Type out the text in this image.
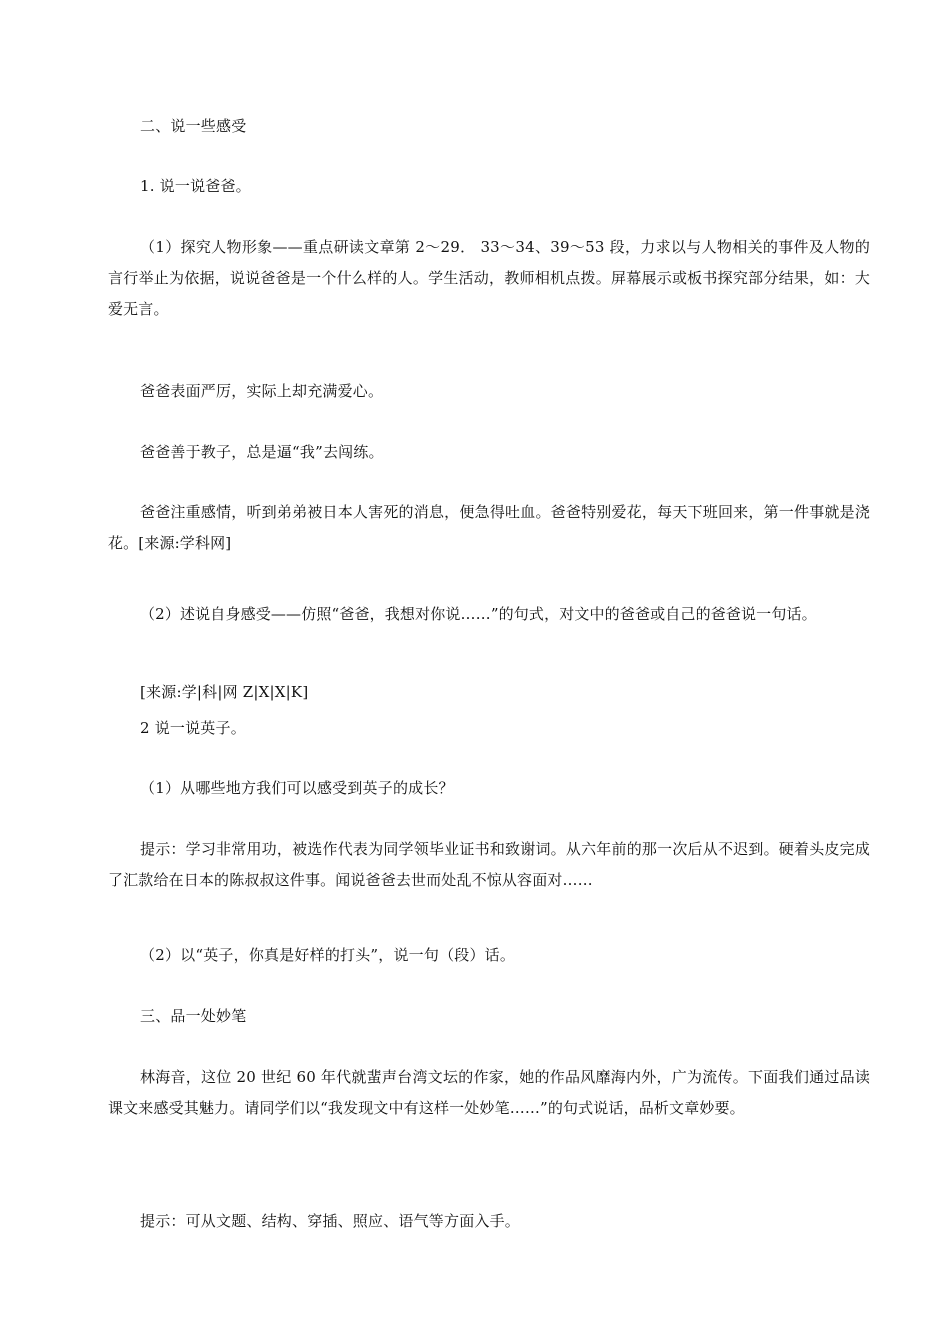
二、说一些感受
1. 说一说爸爸。
（1）探究人物形象——重点研读文章第 2～29． 33～34、39～53 段，力求以与人物相关的事件及人物的言行举止为依据，说说爸爸是一个什么样的人。学生活动，教师相机点拨。屏幕展示或板书探究部分结果，如：大爱无言。
爸爸表面严厉，实际上却充满爱心。
爸爸善于教子，总是逼“我”去闯练。
爸爸注重感情，听到弟弟被日本人害死的消息，便急得吐血。爸爸特别爱花，每天下班回来，第一件事就是浇花。[来源:学科网]
（2）述说自身感受——仿照“爸爸，我想对你说……”的句式，对文中的爸爸或自己的爸爸说一句话。
[来源:学|科|网 Z|X|X|K]
2 说一说英子。
（1）从哪些地方我们可以感受到英子的成长？
提示：学习非常用功，被选作代表为同学领毕业证书和致谢词。从六年前的那一次后从不迟到。硬着头皮完成了汇款给在日本的陈叔叔这件事。闻说爸爸去世而处乱不惊从容面对……
（2）以“英子，你真是好样的打头”，说一句（段）话。
三、品一处妙笔
林海音，这位 20 世纪 60 年代就蜚声台湾文坛的作家，她的作品风靡海内外，广为流传。下面我们通过品读课文来感受其魅力。请同学们以“我发现文中有这样一处妙笔……”的句式说话，品析文章妙要。
提示：可从文题、结构、穿插、照应、语气等方面入手。
